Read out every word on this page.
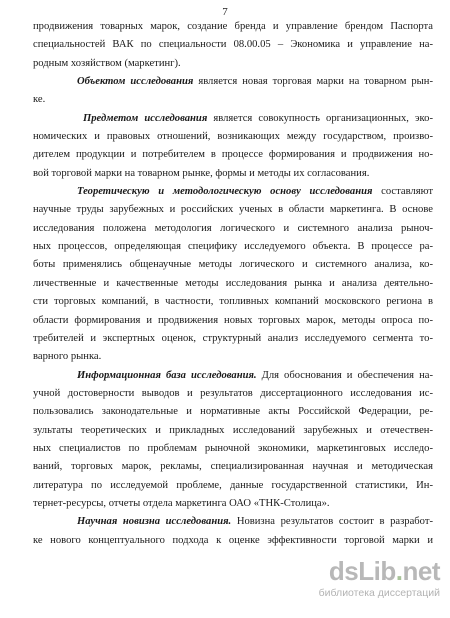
7
продвижения товарных марок, создание бренда и управление брендом Паспорта
специальностей ВАК по специальности 08.00.05 – Экономика и управление на-
родным хозяйством (маркетинг).
Объектом исследования является новая торговая марки на товарном рын-
ке.
Предметом исследования является совокупность организационных, эко-
номических и правовых отношений, возникающих между государством, произво-
дителем продукции и потребителем в процессе формирования и продвижения но-
вой торговой марки на товарном рынке, формы и методы их согласования.
Теоретическую и методологическую основу исследования составляют
научные труды зарубежных и российских ученых в области маркетинга. В основе
исследования положена методология логического и системного анализа рыноч-
ных процессов, определяющая специфику исследуемого объекта. В процессе ра-
боты применялись общенаучные методы логического и системного анализа, ко-
личественные и качественные методы исследования рынка и анализа деятельно-
сти торговых компаний, в частности, топливных компаний московского региона в
области формирования и продвижения новых торговых марок, методы опроса по-
требителей и экспертных оценок, структурный анализ исследуемого сегмента то-
варного рынка.
Информационная база исследования. Для обоснования и обеспечения на-
учной достоверности выводов и результатов диссертационного исследования ис-
пользовались законодательные и нормативные акты Российской Федерации, ре-
зультаты теоретических и прикладных исследований зарубежных и отечествен-
ных специалистов по проблемам рыночной экономики, маркетинговых исследо-
ваний, торговых марок, рекламы, специализированная научная и методическая
литература по исследуемой проблеме, данные государственной статистики, Ин-
тернет-ресурсы, отчеты отдела маркетинга ОАО «ТНК-Столица».
Научная новизна исследования. Новизна результатов состоит в разработ-
ке нового концептуального подхода к оценке эффективности торговой марки и
dsLib.net
библиотека диссертаций
